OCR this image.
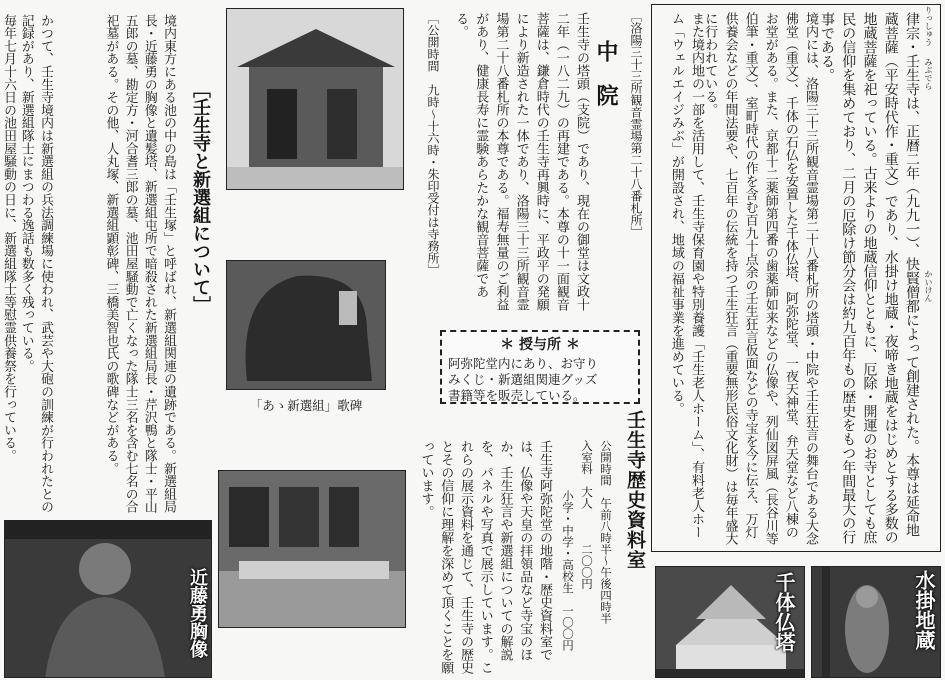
りっしゅう
みぶでら
かいけん
律宗・壬生寺は、正暦二年（九九一）、快賢僧都によって創建された。本尊は延命地蔵菩薩（平安時代作・重文）であり、水掛け地蔵・夜啼き地蔵をはじめとする多数の地蔵菩薩を祀っている。古来よりの地蔵信仰とともに、厄除・開運のお寺としても庶民の信仰を集めており、二月の厄除け節分会は約九百年もの歴史をもつ年間最大の行事である。
境内には、洛陽三十三所観音霊場第二十八番札所の塔頭・中院や壬生狂言の舞台である大念佛堂（重文）、千体の石仏を安置した千体仏塔、阿弥陀堂、一夜天神堂、弁天堂など八棟のお堂がある。また、京都十二薬師第四番の歯薬師如来などの仏像や、列仙図屏風（長谷川等伯筆・重文）、室町時代の作を含む百九十点余の壬生狂言仮面などの寺宝を今に伝え、万灯供養会などの年間法要や、七百年の伝統を持つ壬生狂言（重要無形民俗文化財）は毎年盛大に行われている。
また境内地の一部を活用して、壬生寺保育園や特別養護「壬生老人ホーム」、有料老人ホーム「ウェルエイジみぶ」が開設され、地域の福祉事業を進めている。
千体仏塔	水掛地蔵
壬生寺歴史資料室
公開時間　午前八時半～午後四時半
入室料　大人　　　二〇〇円
小学・中学・高校生　一〇〇円
壬生寺阿弥陀堂の地階・歴史資料室では、仏像や天皇の拝領品など寺宝のほか、壬生狂言や新選組についての解説を、パネルや写真で展示しています。これらの展示資料を通じて、壬生寺の歴史とその信仰に理解を深めて頂くことを願っています。
［洛陽三十三所観音霊場第二十八番札所］
中　院
壬生寺の塔頭（支院）であり、現在の御堂は文政十二年（一八二九）の再建である。本尊の十一面観音菩薩は、鎌倉時代の壬生寺再興時に、平政平の発願により新造された一体であり、洛陽三十三所観音霊場第二十八番札所の本尊である。福寿無量のご利益があり、健康長寿に霊験あらたかな観音菩薩である。
［公開時間　九時～十六時・朱印受付は寺務所］
＊ 授与所 ＊
阿弥陀堂内にあり、お守り
みくじ・新選組関連グッズ
書籍等を販売している。
「あゝ新選組」歌碑
［壬生寺と新選組について］
境内東方にある池の中の島は「壬生塚」と呼ばれ、新選組関連の遺跡である。新選組局長・近藤勇の胸像と遺髪塔、新選組屯所で暗殺された新選組局長・芹沢鴨と隊士・平山五郎の墓、勘定方・河合耆三郎の墓、池田屋騒動で亡くなった隊士三名を含む七名の合祀墓がある。その他、人丸塚、新選組顕彰碑、三橋美智也氏の歌碑などがある。
かつて、壬生寺境内は新選組の兵法調練場に使われ、武芸や大砲の訓練が行われたとの記録があり、新選組隊士にまつわる逸話も数多く残っている。
毎年七月十六日の池田屋騒動の日に、新選組隊士等慰霊供養祭を行っている。
近藤勇胸像
